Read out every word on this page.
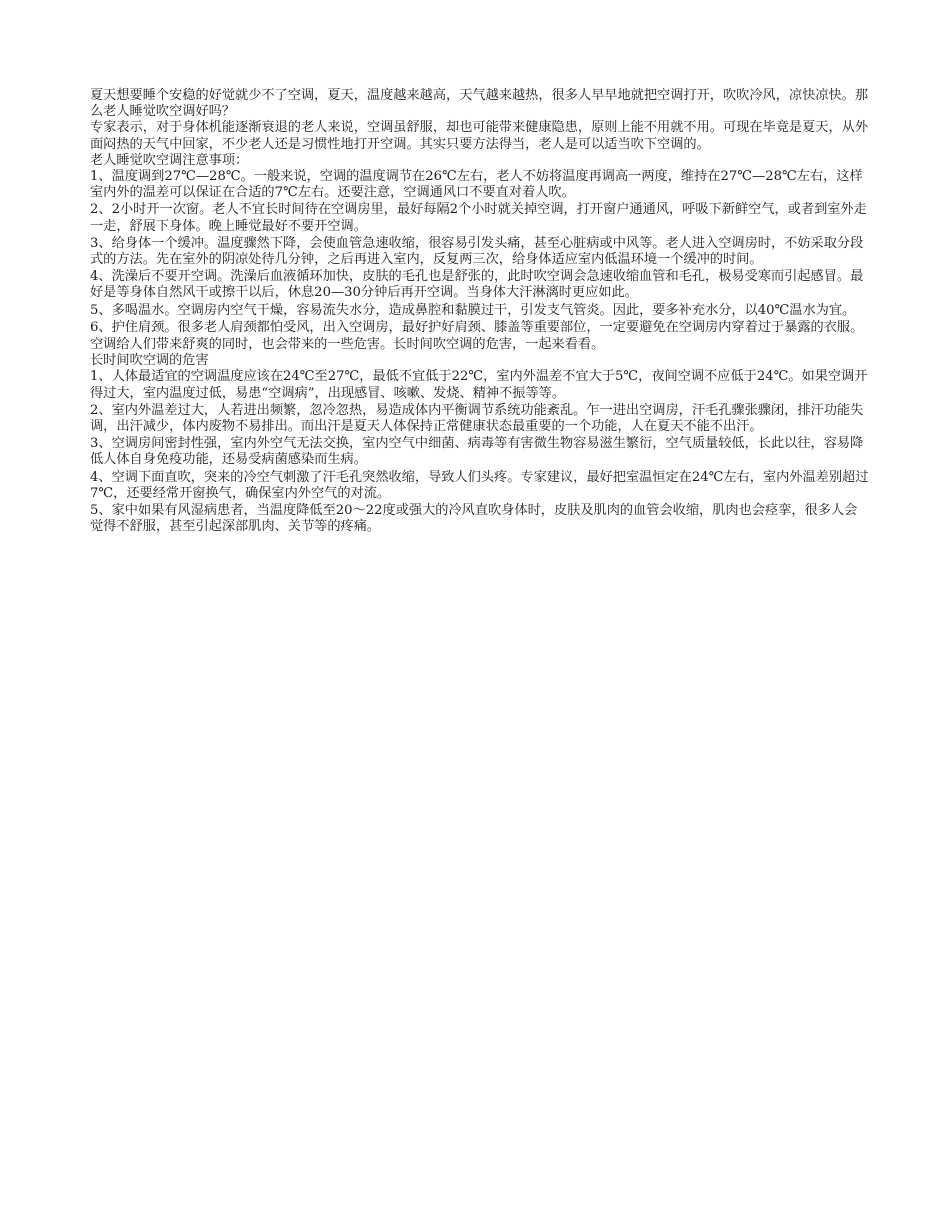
夏天想要睡个安稳的好觉就少不了空调，夏天，温度越来越高，天气越来越热，很多人早早地就把空调打开，吹吹冷风，凉快凉快。那么老人睡觉吹空调好吗？

专家表示，对于身体机能逐渐衰退的老人来说，空调虽舒服，却也可能带来健康隐患，原则上能不用就不用。可现在毕竟是夏天，从外面闷热的天气中回家，不少老人还是习惯性地打开空调。其实只要方法得当，老人是可以适当吹下空调的。

老人睡觉吹空调注意事项：

1、温度调到27℃—28℃。一般来说，空调的温度调节在26℃左右，老人不妨将温度再调高一两度，维持在27℃—28℃左右，这样室内外的温差可以保证在合适的7℃左右。还要注意，空调通风口不要直对着人吹。

2、2小时开一次窗。老人不宜长时间待在空调房里，最好每隔2个小时就关掉空调，打开窗户通通风，呼吸下新鲜空气，或者到室外走一走，舒展下身体。晚上睡觉最好不要开空调。

3、给身体一个缓冲。温度骤然下降，会使血管急速收缩，很容易引发头痛，甚至心脏病或中风等。老人进入空调房时，不妨采取分段式的方法。先在室外的阴凉处待几分钟，之后再进入室内，反复两三次，给身体适应室内低温环境一个缓冲的时间。

4、洗澡后不要开空调。洗澡后血液循环加快，皮肤的毛孔也是舒张的，此时吹空调会急速收缩血管和毛孔，极易受寒而引起感冒。最好是等身体自然风干或擦干以后，休息20—30分钟后再开空调。当身体大汗淋漓时更应如此。

5、多喝温水。空调房内空气干燥，容易流失水分，造成鼻腔和黏膜过干，引发支气管炎。因此，要多补充水分，以40℃温水为宜。

6、护住肩颈。很多老人肩颈都怕受风，出入空调房，最好护好肩颈、膝盖等重要部位，一定要避免在空调房内穿着过于暴露的衣服。

空调给人们带来舒爽的同时，也会带来的一些危害。长时间吹空调的危害，一起来看看。

长时间吹空调的危害

1、人体最适宜的空调温度应该在24℃至27℃，最低不宜低于22℃，室内外温差不宜大于5℃，夜间空调不应低于24℃。如果空调开得过大，室内温度过低，易患“空调病”，出现感冒、咳嗽、发烧、精神不振等等。

2、室内外温差过大，人若进出频繁，忽冷忽热，易造成体内平衡调节系统功能紊乱。乍一进出空调房，汗毛孔骤张骤闭，排汗功能失调，出汗减少，体内废物不易排出。而出汗是夏天人体保持正常健康状态最重要的一个功能，人在夏天不能不出汗。

3、空调房间密封性强，室内外空气无法交换，室内空气中细菌、病毒等有害微生物容易滋生繁衍，空气质量较低，长此以往，容易降低人体自身免疫功能，还易受病菌感染而生病。

4、空调下面直吹，突来的冷空气刺激了汗毛孔突然收缩，导致人们头疼。专家建议，最好把室温恒定在24℃左右，室内外温差别超过7℃，还要经常开窗换气，确保室内外空气的对流。

5、家中如果有风湿病患者，当温度降低至20～22度或强大的冷风直吹身体时，皮肤及肌肉的血管会收缩，肌肉也会痉挛，很多人会觉得不舒服，甚至引起深部肌肉、关节等的疼痛。
